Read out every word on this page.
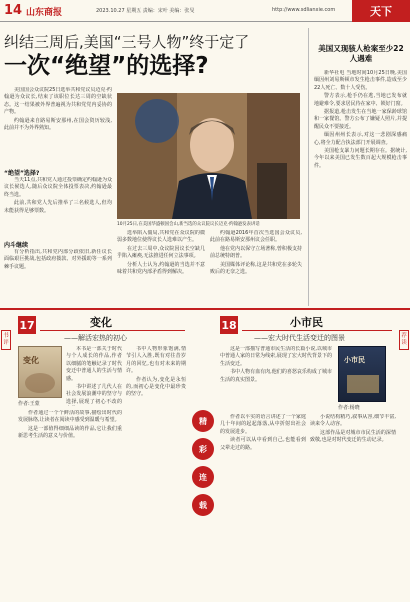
14 山东商报	2023.10.27 星期五 责编：宋叶 美编：张旻	http://www.sdlianxie.com	天下
纠结三周后,美国“三号人物”终于定了
一次“绝望”的选择?

美国国会众议院25日选举共和党议员迈克·约翰逊为众议长,结束了该职位长达三周的空缺状态。这一结果被外界普遍视为共和党党内妥协的产物。

约翰逊来自路易斯安那州,在国会资历较浅,此前并不为外界熟知。

“绝望”选择?

当天11点,共和党人通过投票确定约翰逊为众议长候选人,随后众议院全体投票表决,约翰逊最终当选。

此前,共和党人先后推举了三名候选人,但均未能获得足够票数。

内斗继续

有分析指出,共和党内部分歧依旧,新任议长面临艰巨挑战,包括政府拨款、对外援助等一系列棘手议题。

10月25日,在美国华盛顿国会山,新当选的众议院议长迈克·约翰逊发表讲话

选举陷入僵局,共和党在众议院的微弱多数地位使得议长人选难以产生。

在过去三周中,众议院因议长空缺几乎陷入瘫痪,无法推进任何立法事项。

分析人士认为,约翰逊的当选并不意味着共和党内部矛盾得到解决。

约翰逊2016年首次当选国会众议员,此前在路易斯安那州议会任职。

他在党内以保守立场著称,曾积极支持前总统特朗普。

美国媒体评论称,这是共和党在多轮失败后的无奈之选。

美国又现骇人枪案至少22人遇难

新华社电 当地时间10月25日晚,美国缅因州刘易斯顿市发生枪击事件,造成至少22人死亡、数十人受伤。

警方表示,枪手仍在逃,当地已发布就地避难令,要求居民待在家中、锁好门窗。

据报道,枪击发生在当地一家保龄球馆和一家餐馆。警方公布了嫌疑人照片,并提醒民众不要接近。

缅因州州长表示,对这一悲剧深感痛心,将全力配合执法部门开展调查。

美国枪支暴力问题长期存在。据统计,今年以来美国已发生数百起大规模枪击事件。

书评
荐读
17	变化
——解活宏热的初心
变化
作者:王蒙

本书是一部关于时代与个人成长的作品,作者以细腻的笔触记录了时代变迁中普通人的生活与情感。

书中讲述了几代人在社会发展浪潮中的坚守与选择,展现了初心不改的

作者通过一个个鲜活的故事,描绘出时代的发展脉络,让读者在阅读中感受到温暖与希望。

这是一部值得细细品读的作品,它让我们重新思考生活的意义与价值。

书中人物形象饱满,情节引人入胜,既有对往昔岁月的回忆,也有对未来的期许。

作者认为,变化是永恒的,而初心是变化中最珍贵的坚守。

精
彩
连
载
18	小市民
——宏大时代生活变迁的图景
小市民
作者:杨晓

这是一部描写普通市民生活的长篇小说,以城市中普通人家的日常为线索,展现了宏大时代背景下的生活变迁。

书中人物有血有肉,他们的喜怒哀乐构成了城市生活的真实图景。

作者以平实的语言讲述了一个家庭几十年间的起起落落,从中折射出社会的发展进步。

读者可以从中看到自己,也能看到父辈走过的路。

小说结构精巧,叙事从容,细节丰富,读来令人动容。

这部作品是对城市市民生活的深情致敬,也是对时代变迁的生动记录。
